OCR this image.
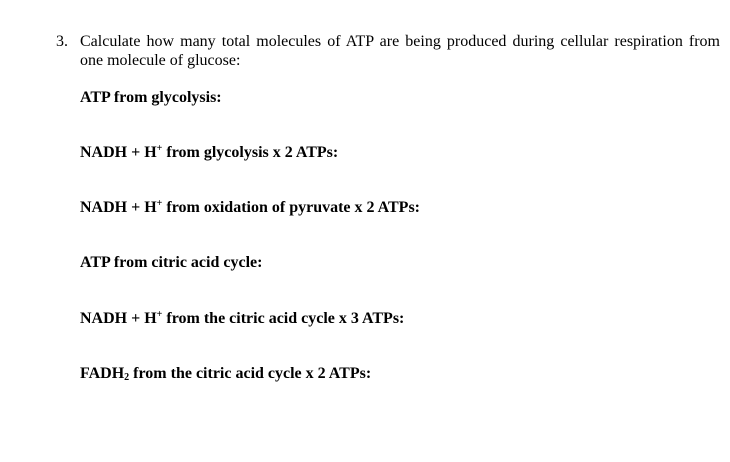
3. Calculate how many total molecules of ATP are being produced during cellular respiration from one molecule of glucose:
ATP from glycolysis:
NADH + H+ from glycolysis x 2 ATPs:
NADH + H+ from oxidation of pyruvate x 2 ATPs:
ATP from citric acid cycle:
NADH + H+ from the citric acid cycle x 3 ATPs:
$FADH_2$ from the citric acid cycle x 2 ATPs:
